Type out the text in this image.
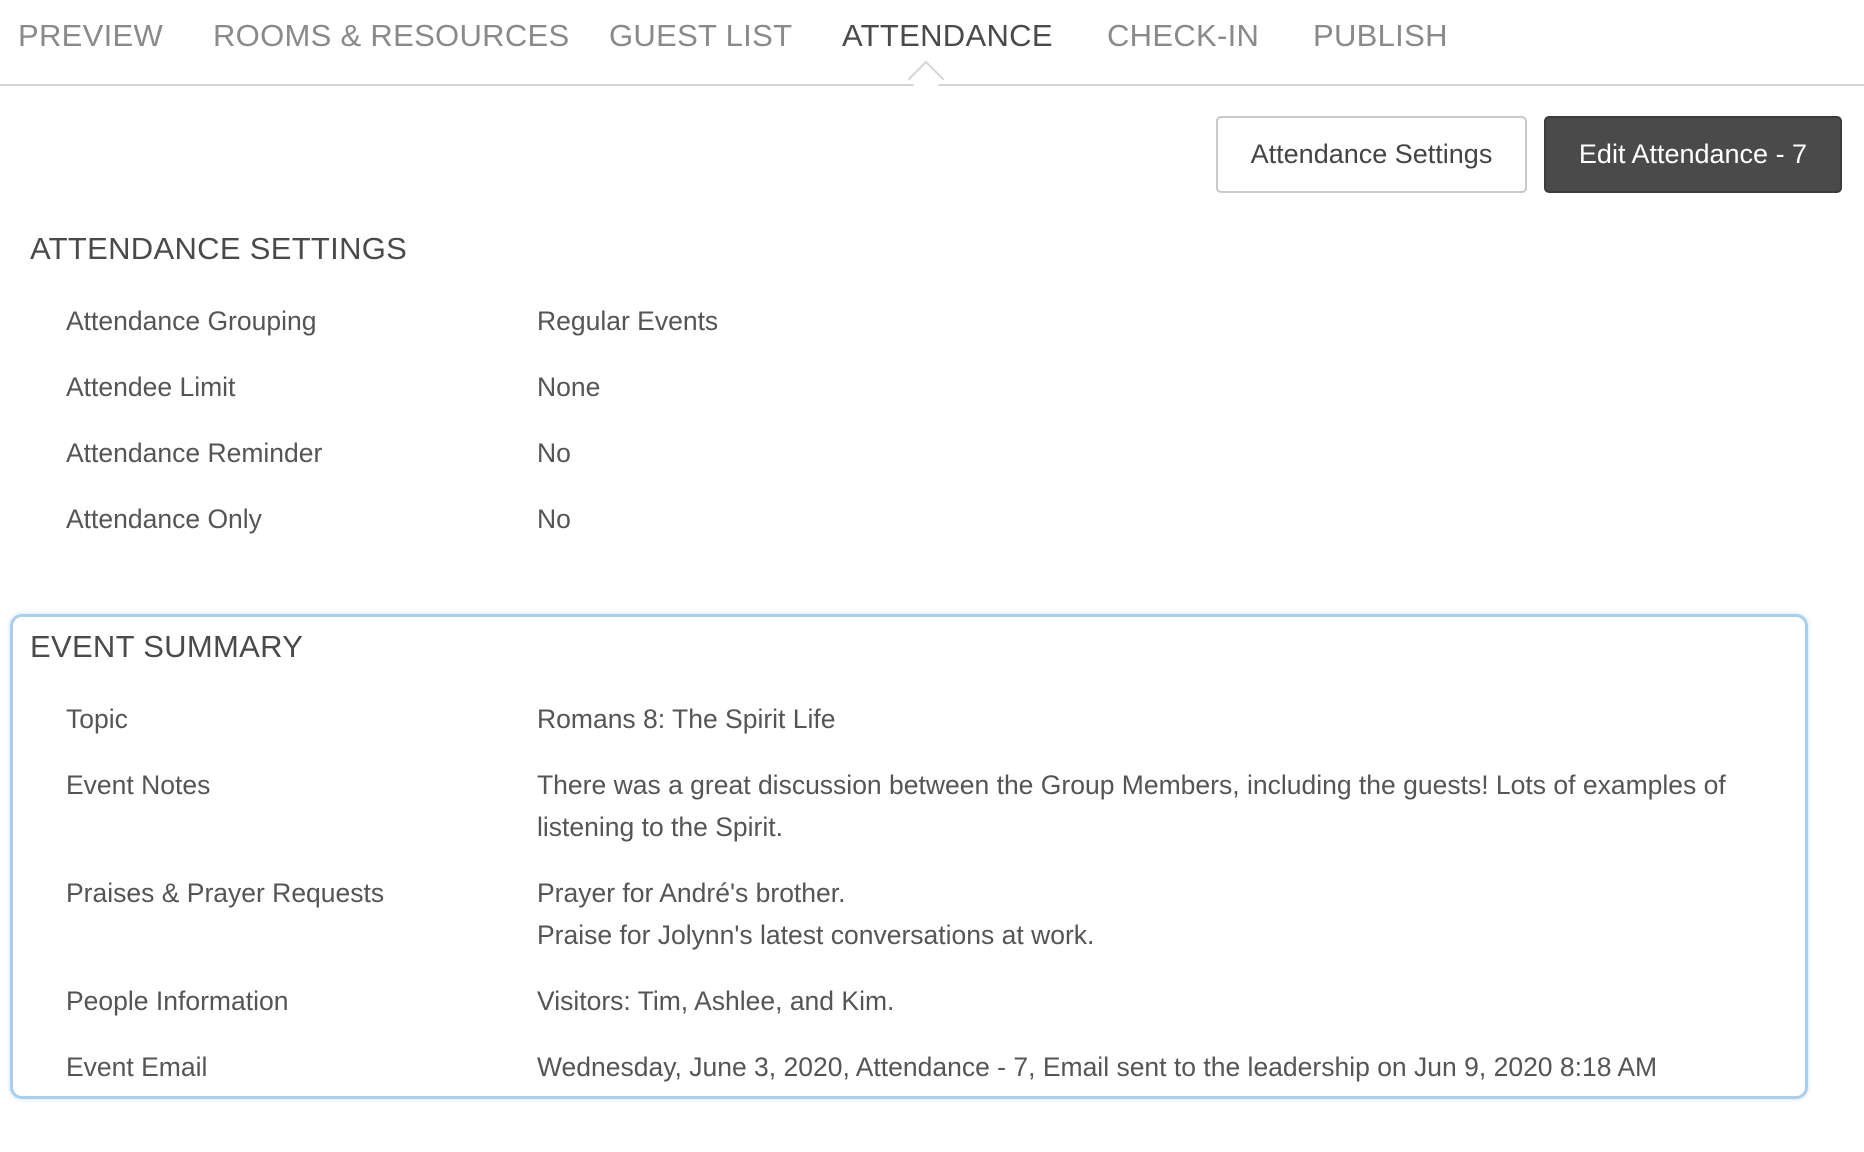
PREVIEW ROOMS & RESOURCES GUEST LIST ATTENDANCE CHECK-IN PUBLISH
Attendance Settings	Edit Attendance - 7
ATTENDANCE SETTINGS
Attendance Grouping	Regular Events
Attendee Limit	None
Attendance Reminder	No
Attendance Only	No
EVENT SUMMARY
Topic	Romans 8: The Spirit Life
Event Notes	There was a great discussion between the Group Members, including the guests! Lots of examples of listening to the Spirit.
Praises & Prayer Requests	Prayer for André's brother.
Praise for Jolynn's latest conversations at work.
People Information	Visitors: Tim, Ashlee, and Kim.
Event Email	Wednesday, June 3, 2020, Attendance - 7, Email sent to the leadership on Jun 9, 2020 8:18 AM
